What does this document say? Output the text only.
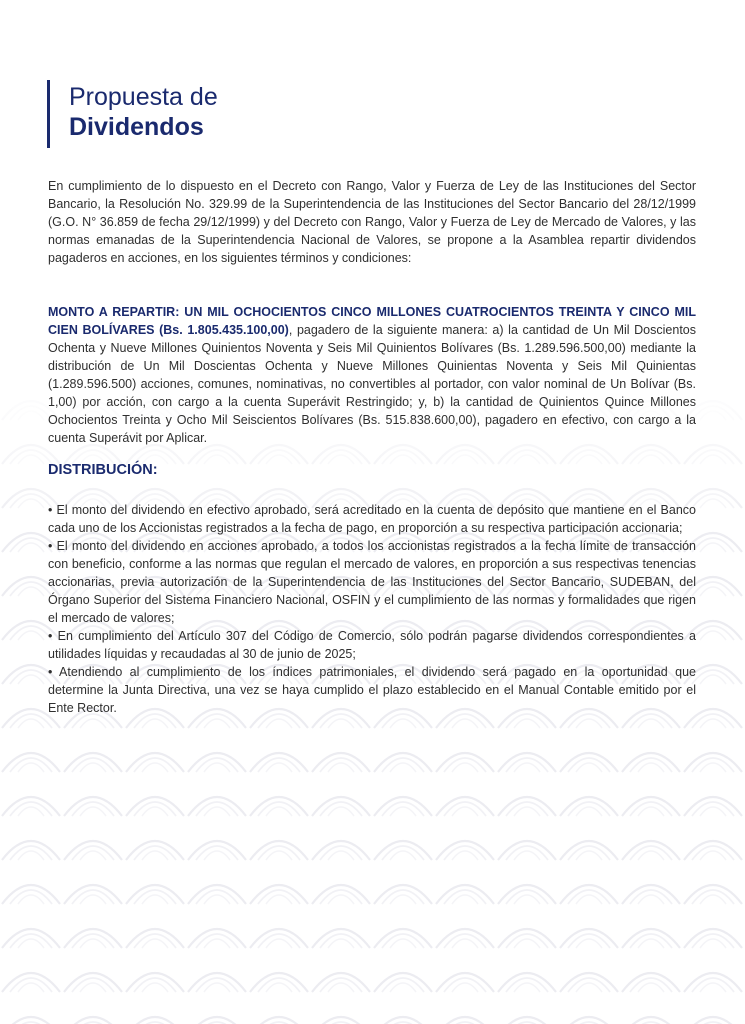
Propuesta de
Dividendos
En cumplimiento de lo dispuesto en el Decreto con Rango, Valor y Fuerza de Ley de las Instituciones del Sector Bancario, la Resolución No. 329.99 de la Superintendencia de las Instituciones del Sector Bancario del 28/12/1999 (G.O. N° 36.859 de fecha 29/12/1999) y del Decreto con Rango, Valor y Fuerza de Ley de Mercado de Valores, y las normas emanadas de la Superintendencia Nacional de Valores, se propone a la Asamblea repartir dividendos pagaderos en acciones, en los siguientes términos y condiciones:
MONTO A REPARTIR: UN MIL OCHOCIENTOS CINCO MILLONES CUATROCIENTOS TREINTA Y CINCO MIL CIEN BOLÍVARES (Bs. 1.805.435.100,00), pagadero de la siguiente manera: a) la cantidad de Un Mil Doscientos Ochenta y Nueve Millones Quinientos Noventa y Seis Mil Quinientos Bolívares (Bs. 1.289.596.500,00) mediante la distribución de Un Mil Doscientas Ochenta y Nueve Millones Quinientas Noventa y Seis Mil Quinientas (1.289.596.500) acciones, comunes, nominativas, no convertibles al portador, con valor nominal de Un Bolívar (Bs. 1,00) por acción, con cargo a la cuenta Superávit Restringido; y, b) la cantidad de Quinientos Quince Millones Ochocientos Treinta y Ocho Mil Seiscientos Bolívares (Bs. 515.838.600,00), pagadero en efectivo, con cargo a la cuenta Superávit por Aplicar.
DISTRIBUCIÓN:
• El monto del dividendo en efectivo aprobado, será acreditado en la cuenta de depósito que mantiene en el Banco cada uno de los Accionistas registrados a la fecha de pago, en proporción a su respectiva participación accionaria;
• El monto del dividendo en acciones aprobado, a todos los accionistas registrados a la fecha límite de transacción con beneficio, conforme a las normas que regulan el mercado de valores, en proporción a sus respectivas tenencias accionarias, previa autorización de la Superintendencia de las Instituciones del Sector Bancario, SUDEBAN, del Órgano Superior del Sistema Financiero Nacional, OSFIN y el cumplimiento de las normas y formalidades que rigen el mercado de valores;
• En cumplimiento del Artículo 307 del Código de Comercio, sólo podrán pagarse dividendos correspondientes a utilidades líquidas y recaudadas al 30 de junio de 2025;
• Atendiendo al cumplimiento de los índices patrimoniales, el dividendo será pagado en la oportunidad que determine la Junta Directiva, una vez se haya cumplido el plazo establecido en el Manual Contable emitido por el Ente Rector.
